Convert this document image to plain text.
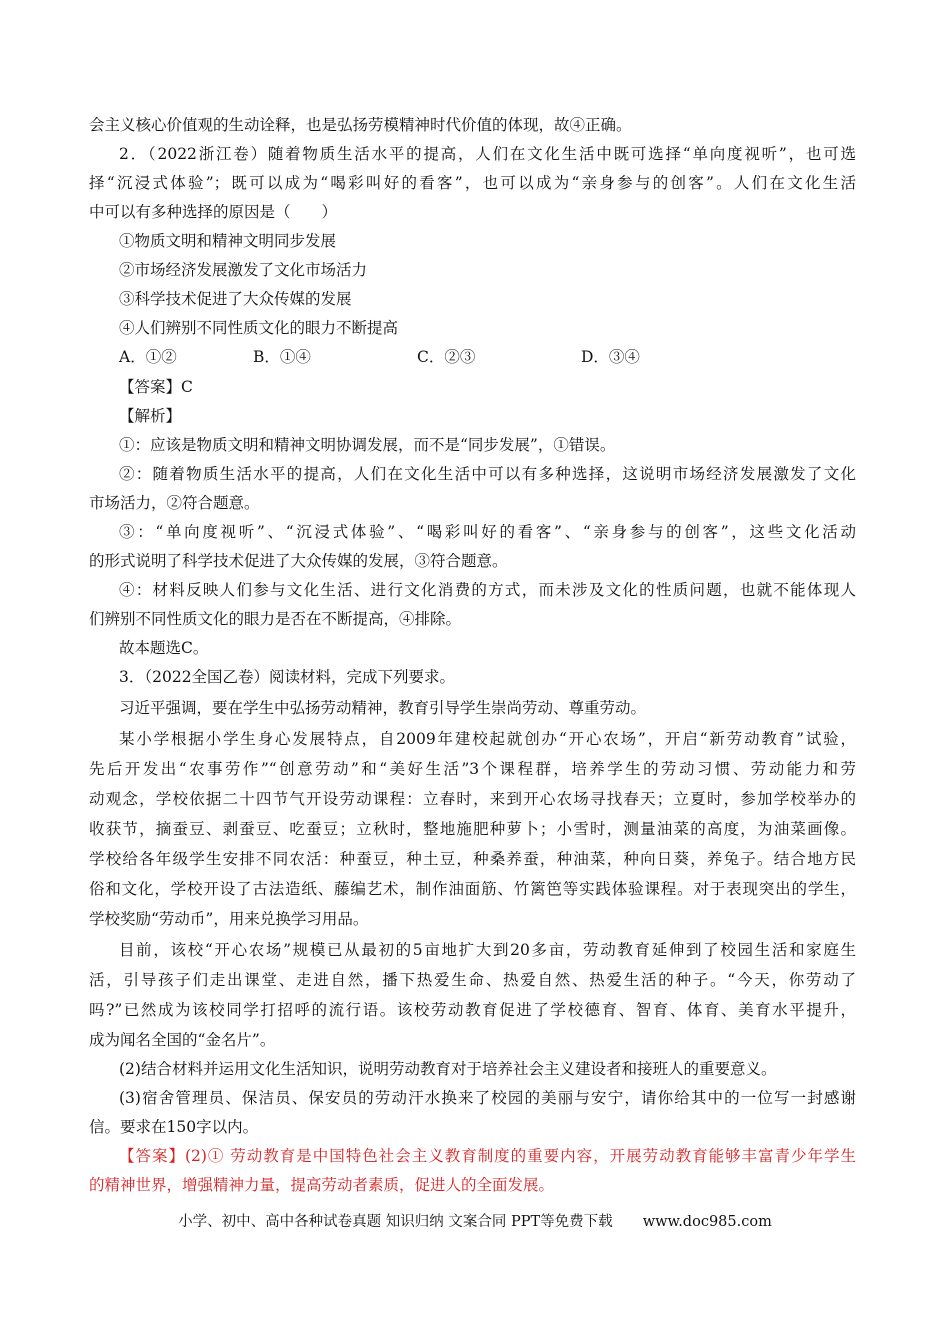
会主义核心价值观的生动诠释，也是弘扬劳模精神时代价值的体现，故④正确。
2．（2022浙江卷）随着物质生活水平的提高，人们在文化生活中既可选择“单向度视听”，也可选
择“沉浸式体验”；既可以成为“喝彩叫好的看客”，也可以成为“亲身参与的创客”。人们在文化生活
中可以有多种选择的原因是（　　）
①物质文明和精神文明同步发展
②市场经济发展激发了文化市场活力
③科学技术促进了大众传媒的发展
④人们辨别不同性质文化的眼力不断提高
A．①②	B．①④	C．②③	D．③④
【答案】C
【解析】
①：应该是物质文明和精神文明协调发展，而不是“同步发展”，①错误。
②：随着物质生活水平的提高，人们在文化生活中可以有多种选择，这说明市场经济发展激发了文化
市场活力，②符合题意。
③：“单向度视听”、“沉浸式体验”、“喝彩叫好的看客”、“亲身参与的创客”，这些文化活动
的形式说明了科学技术促进了大众传媒的发展，③符合题意。
④：材料反映人们参与文化生活、进行文化消费的方式，而未涉及文化的性质问题，也就不能体现人
们辨别不同性质文化的眼力是否在不断提高，④排除。
故本题选C。
3．（2022全国乙卷）阅读材料，完成下列要求。
习近平强调，要在学生中弘扬劳动精神，教育引导学生崇尚劳动、尊重劳动。
某小学根据小学生身心发展特点，自2009年建校起就创办“开心农场”，开启“新劳动教育”试验，
先后开发出“农事劳作”“创意劳动”和“美好生活”3个课程群，培养学生的劳动习惯、劳动能力和劳
动观念，学校依据二十四节气开设劳动课程：立春时，来到开心农场寻找春天；立夏时，参加学校举办的
收获节，摘蚕豆、剥蚕豆、吃蚕豆；立秋时，整地施肥种萝卜；小雪时，测量油菜的高度，为油菜画像。
学校给各年级学生安排不同农活：种蚕豆，种土豆，种桑养蚕，种油菜，种向日葵，养兔子。结合地方民
俗和文化，学校开设了古法造纸、藤编艺术，制作油面筋、竹篱笆等实践体验课程。对于表现突出的学生，
学校奖励“劳动币”，用来兑换学习用品。
目前，该校“开心农场”规模已从最初的5亩地扩大到20多亩，劳动教育延伸到了校园生活和家庭生
活，引导孩子们走出课堂、走进自然，播下热爱生命、热爱自然、热爱生活的种子。“今天，你劳动了
吗?”已然成为该校同学打招呼的流行语。该校劳动教育促进了学校德育、智育、体育、美育水平提升，
成为闻名全国的“金名片”。
(2)结合材料并运用文化生活知识，说明劳动教育对于培养社会主义建设者和接班人的重要意义。
(3)宿舍管理员、保洁员、保安员的劳动汗水换来了校园的美丽与安宁，请你给其中的一位写一封感谢
信。要求在150字以内。
【答案】(2)① 劳动教育是中国特色社会主义教育制度的重要内容，开展劳动教育能够丰富青少年学生
的精神世界，增强精神力量，提高劳动者素质，促进人的全面发展。
小学、初中、高中各种试卷真题 知识归纳 文案合同 PPT等免费下载 www.doc985.com
